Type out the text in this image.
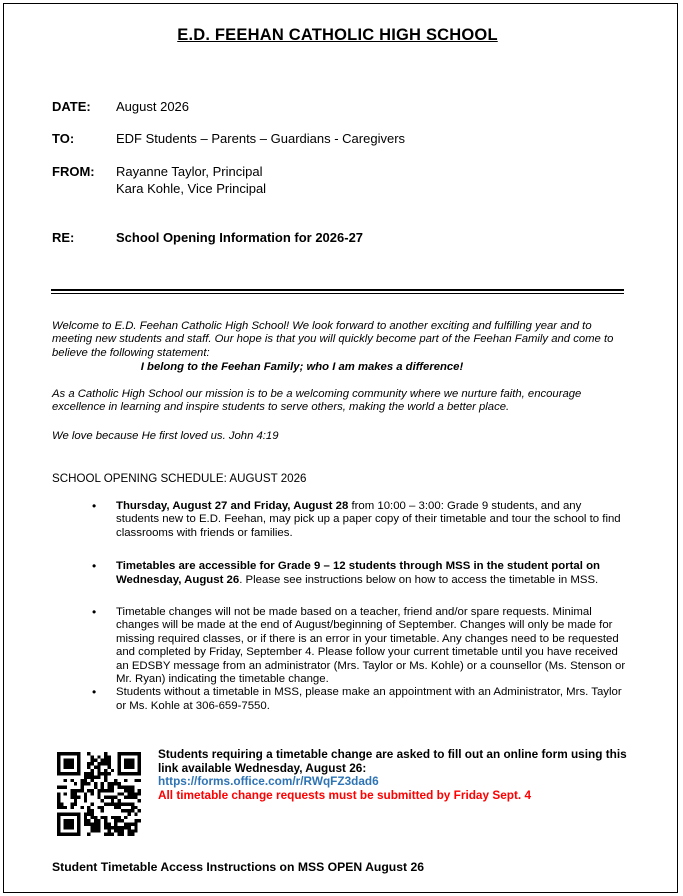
E.D. FEEHAN CATHOLIC HIGH SCHOOL
DATE: August 2026
TO:	EDF Students – Parents – Guardians - Caregivers
FROM: Rayanne Taylor, Principal
Kara Kohle, Vice Principal
RE:	School Opening Information for 2026-27
Welcome to E.D. Feehan Catholic High School! We look forward to another exciting and fulfilling year and to meeting new students and staff. Our hope is that you will quickly become part of the Feehan Family and come to believe the following statement:
I belong to the Feehan Family; who I am makes a difference!
As a Catholic High School our mission is to be a welcoming community where we nurture faith, encourage excellence in learning and inspire students to serve others, making the world a better place.
We love because He first loved us. John 4:19
SCHOOL OPENING SCHEDULE: AUGUST 2026
• Thursday, August 27 and Friday, August 28 from 10:00 – 3:00: Grade 9 students, and any students new to E.D. Feehan, may pick up a paper copy of their timetable and tour the school to find classrooms with friends or families.
• Timetables are accessible for Grade 9 – 12 students through MSS in the student portal on Wednesday, August 26. Please see instructions below on how to access the timetable in MSS.
• Timetable changes will not be made based on a teacher, friend and/or spare requests. Minimal changes will be made at the end of August/beginning of September. Changes will only be made for missing required classes, or if there is an error in your timetable. Any changes need to be requested and completed by Friday, September 4. Please follow your current timetable until you have received an EDSBY message from an administrator (Mrs. Taylor or Ms. Kohle) or a counsellor (Ms. Stenson or Mr. Ryan) indicating the timetable change.
• Students without a timetable in MSS, please make an appointment with an Administrator, Mrs. Taylor or Ms. Kohle at 306-659-7550.
Students requiring a timetable change are asked to fill out an online form using this link available Wednesday, August 26:
https://forms.office.com/r/RWqFZ3dad6
All timetable change requests must be submitted by Friday Sept. 4
Student Timetable Access Instructions on MSS OPEN August 26
